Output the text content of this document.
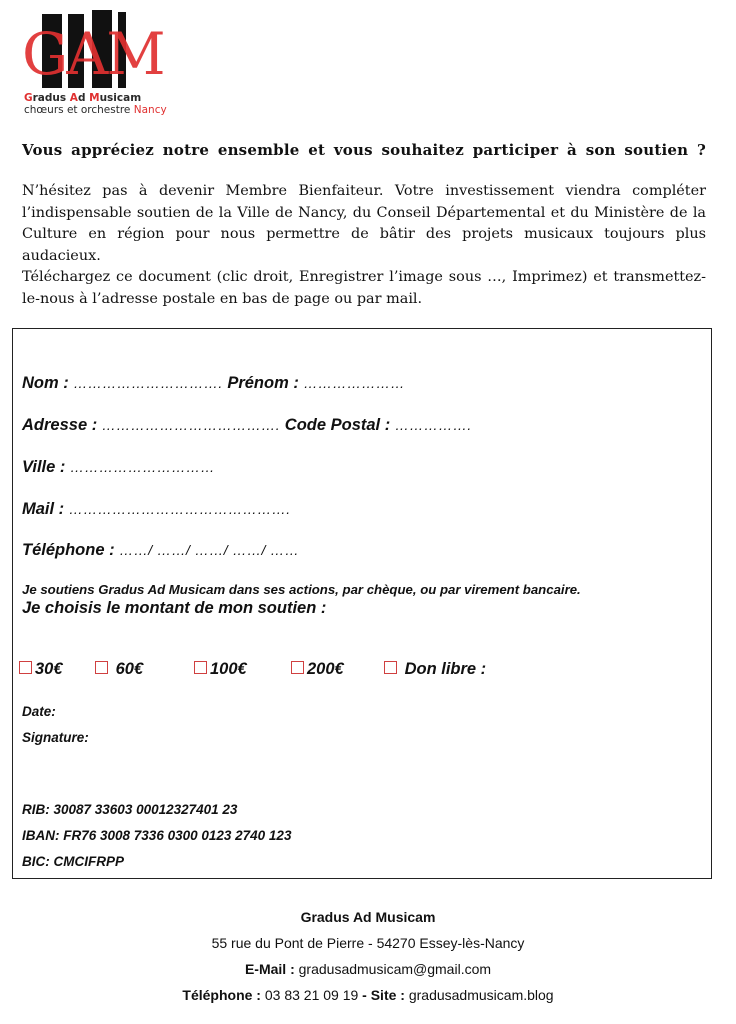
GAM
Gradus Ad Musicam
chœurs et orchestre Nancy
Vous appréciez notre ensemble et vous souhaitez participer à son soutien ?

N’hésitez pas à devenir Membre Bienfaiteur. Votre investissement viendra compléter l’indispensable soutien de la Ville de Nancy, du Conseil Départemental et du Ministère de la Culture en région pour nous permettre de bâtir des projets musicaux toujours plus audacieux.

Téléchargez ce document (clic droit, Enregistrer l’image sous …, Imprimez) et transmettez-le-nous à l’adresse postale en bas de page ou par mail.

Nom : …………………………. Prénom : …………………
Adresse : ………………………………. Code Postal : …………….
Ville : …………………………
Mail : ……………………………………….
Téléphone : ……/ ……/ ……/ ……/ ……
Je soutiens Gradus Ad Musicam dans ses actions, par chèque, ou par virement bancaire.
Je choisis le montant de mon soutien :
30€	60€	100€	200€	Don libre :
Date:
Signature:
RIB: 30087 33603 00012327401 23
IBAN: FR76 3008 7336 0300 0123 2740 123
BIC: CMCIFRPP
Gradus Ad Musicam
55 rue du Pont de Pierre - 54270 Essey-lès-Nancy
E-Mail : gradusadmusicam@gmail.com
Téléphone : 03 83 21 09 19 - Site : gradusadmusicam.blog
